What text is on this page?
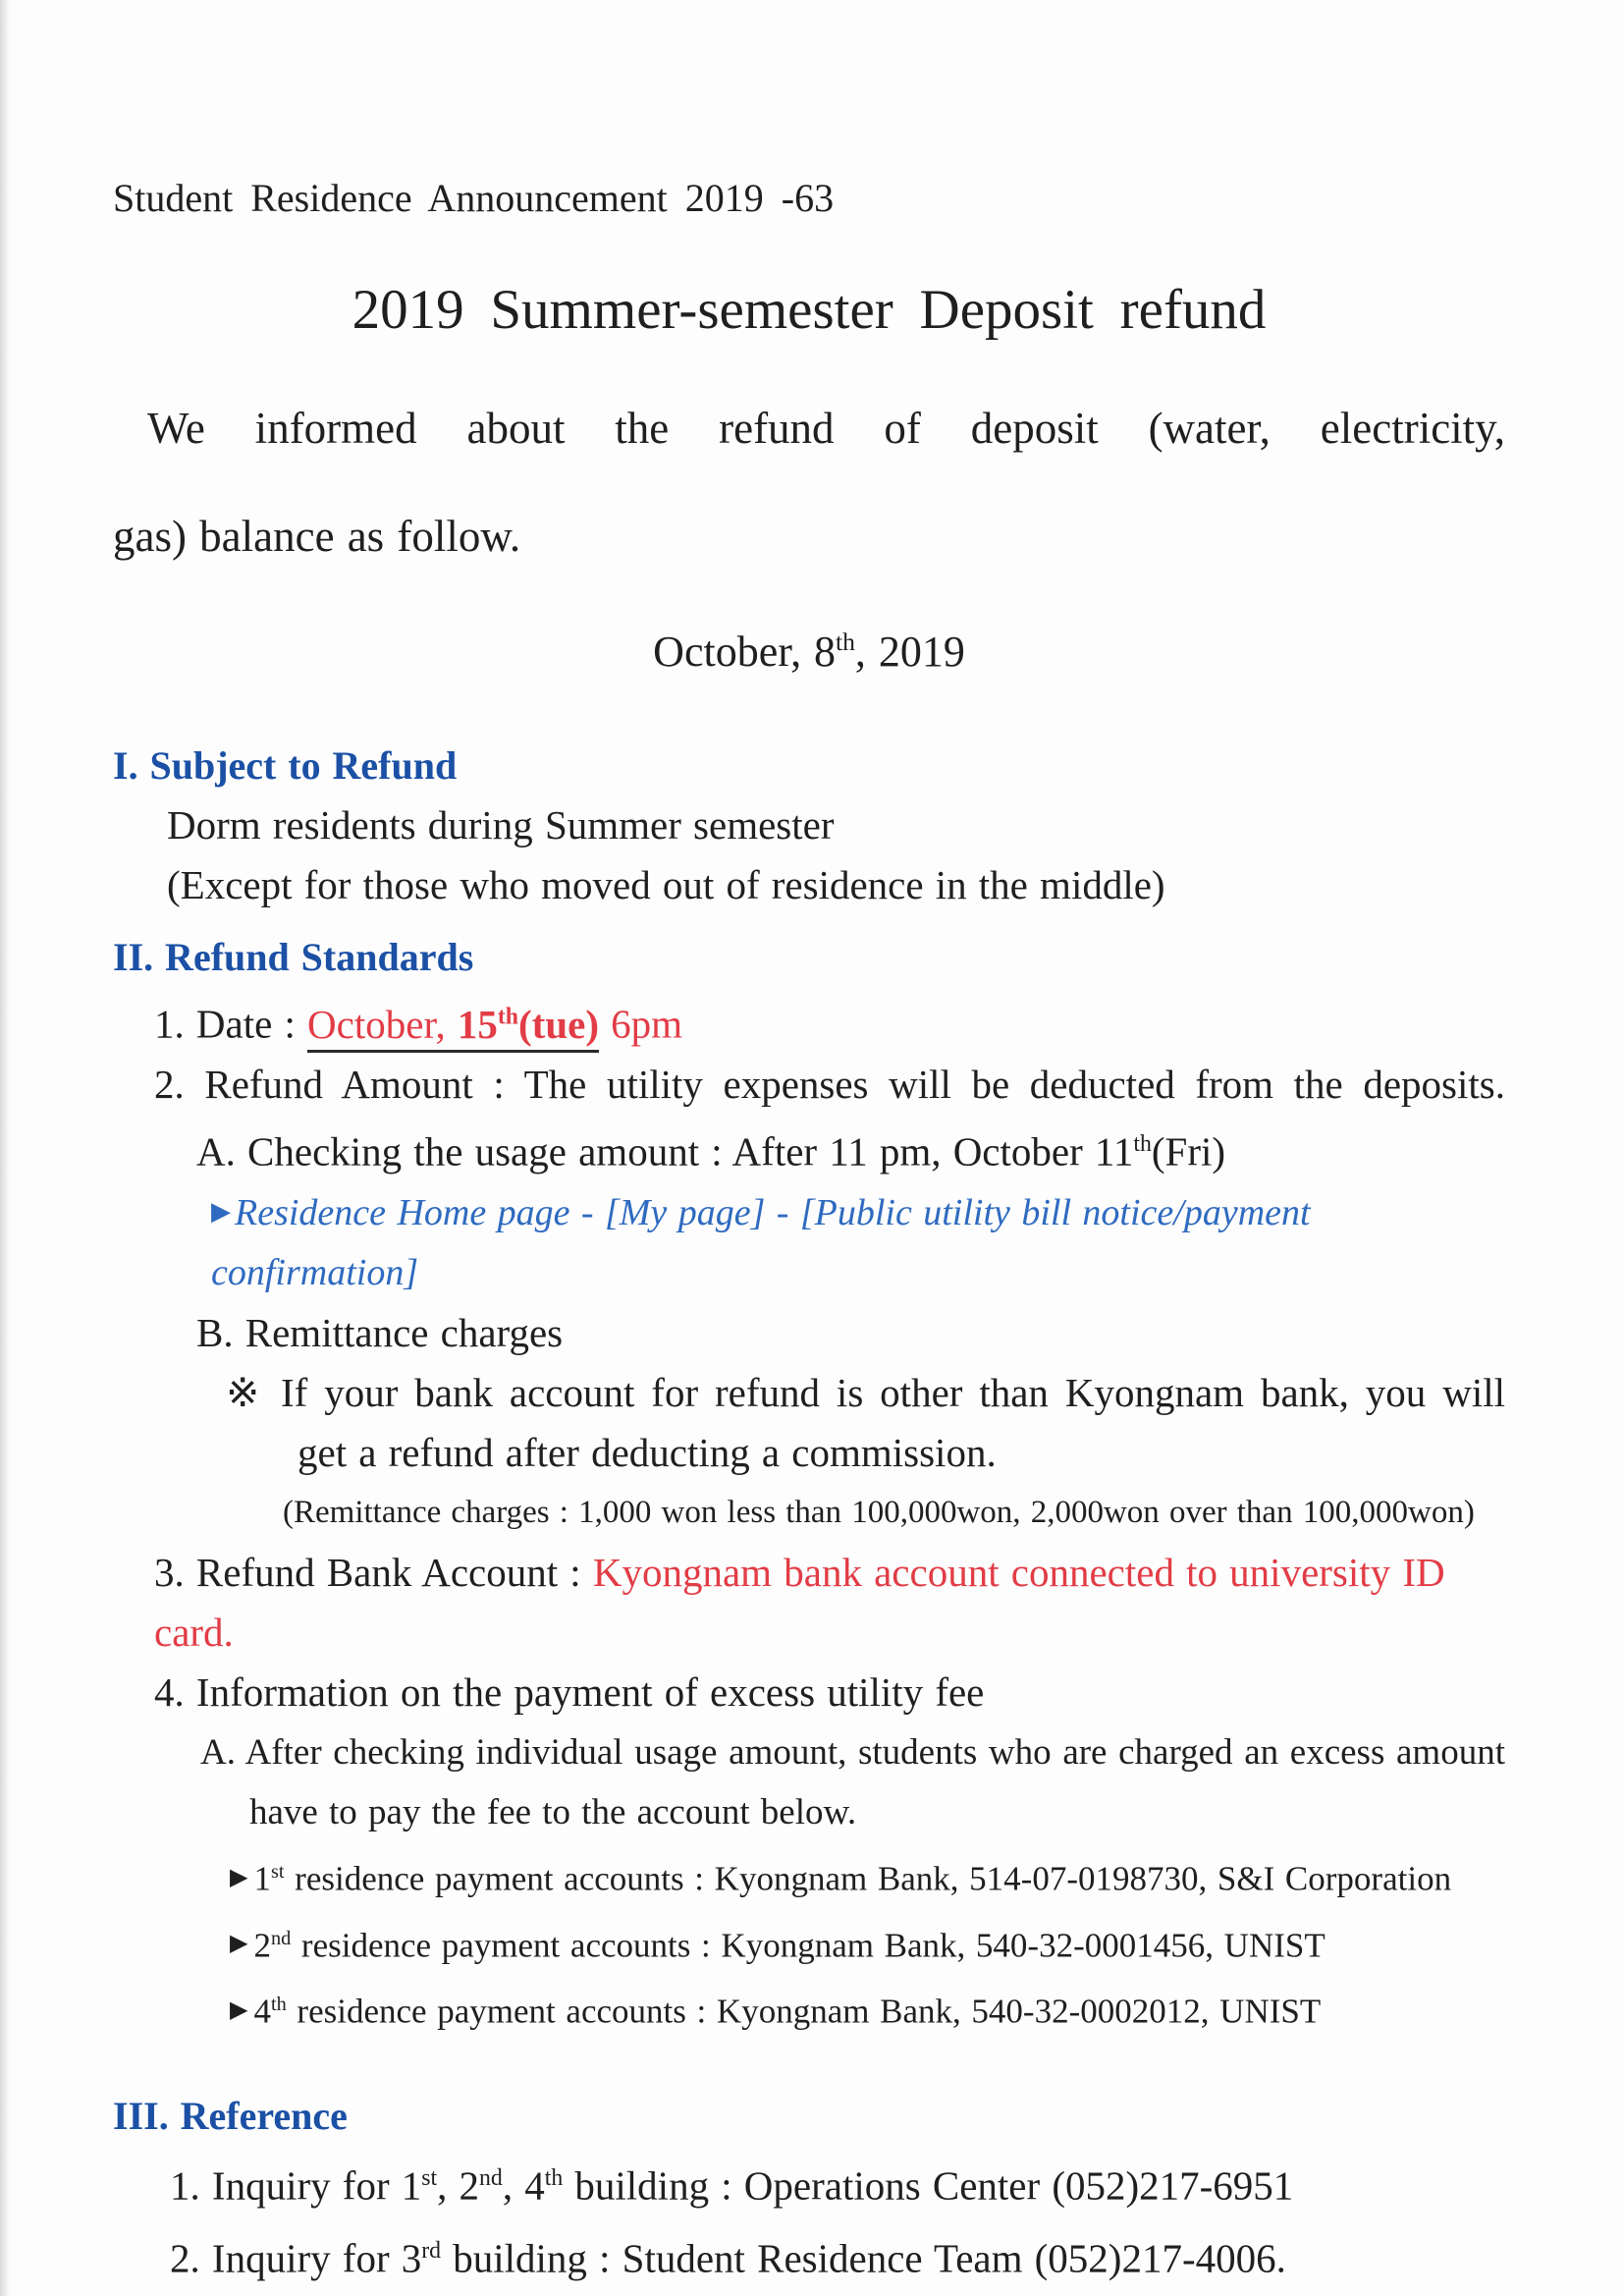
Student Residence Announcement 2019 -63
2019 Summer-semester Deposit refund
We informed about the refund of deposit (water, electricity,
gas) balance as follow.
October, 8th, 2019
I. Subject to Refund
Dorm residents during Summer semester
(Except for those who moved out of residence in the middle)
II. Refund Standards
1. Date : October, 15th(tue) 6pm
2. Refund Amount : The utility expenses will be deducted from the deposits.
A. Checking the usage amount : After 11 pm, October 11th(Fri)
▶ Residence Home page - [My page] - [Public utility bill notice/payment confirmation]
B. Remittance charges
※ If your bank account for refund is other than Kyongnam bank, you will
get a refund after deducting a commission.
(Remittance charges : 1,000 won less than 100,000won, 2,000won over than 100,000won)
3. Refund Bank Account : Kyongnam bank account connected to university ID card.
4. Information on the payment of excess utility fee
A. After checking individual usage amount, students who are charged an excess amount
have to pay the fee to the account below.
▶ 1st residence payment accounts : Kyongnam Bank, 514-07-0198730, S&I Corporation
▶ 2nd residence payment accounts : Kyongnam Bank, 540-32-0001456, UNIST
▶ 4th residence payment accounts : Kyongnam Bank, 540-32-0002012, UNIST
III. Reference
1. Inquiry for 1st, 2nd, 4th building : Operations Center (052)217-6951
2. Inquiry for 3rd building : Student Residence Team (052)217-4006.
